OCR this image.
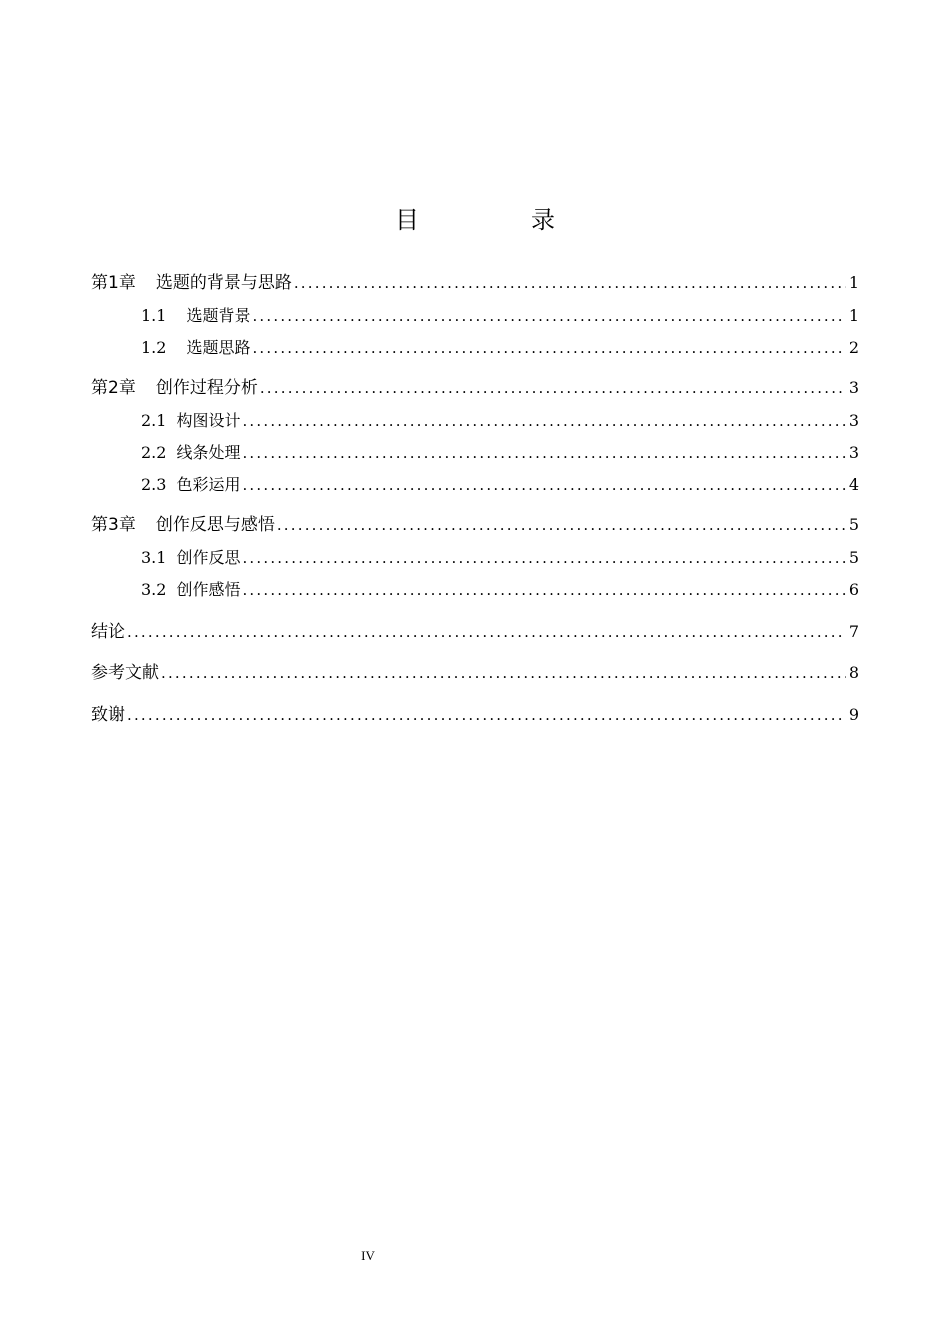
目　录
第1章 选题的背景与思路 .....	1
1.1 选题背景 .....	1
1.2 选题思路 .....	2
第2章 创作过程分析 .....	3
2.1 构图设计 .....	3
2.2 线条处理 .....	3
2.3 色彩运用 .....	4
第3章 创作反思与感悟 .....	5
3.1 创作反思 .....	5
3.2 创作感悟 .....	6
结论 .....	7
参考文献 .....	8
致谢 .....	9
IV
